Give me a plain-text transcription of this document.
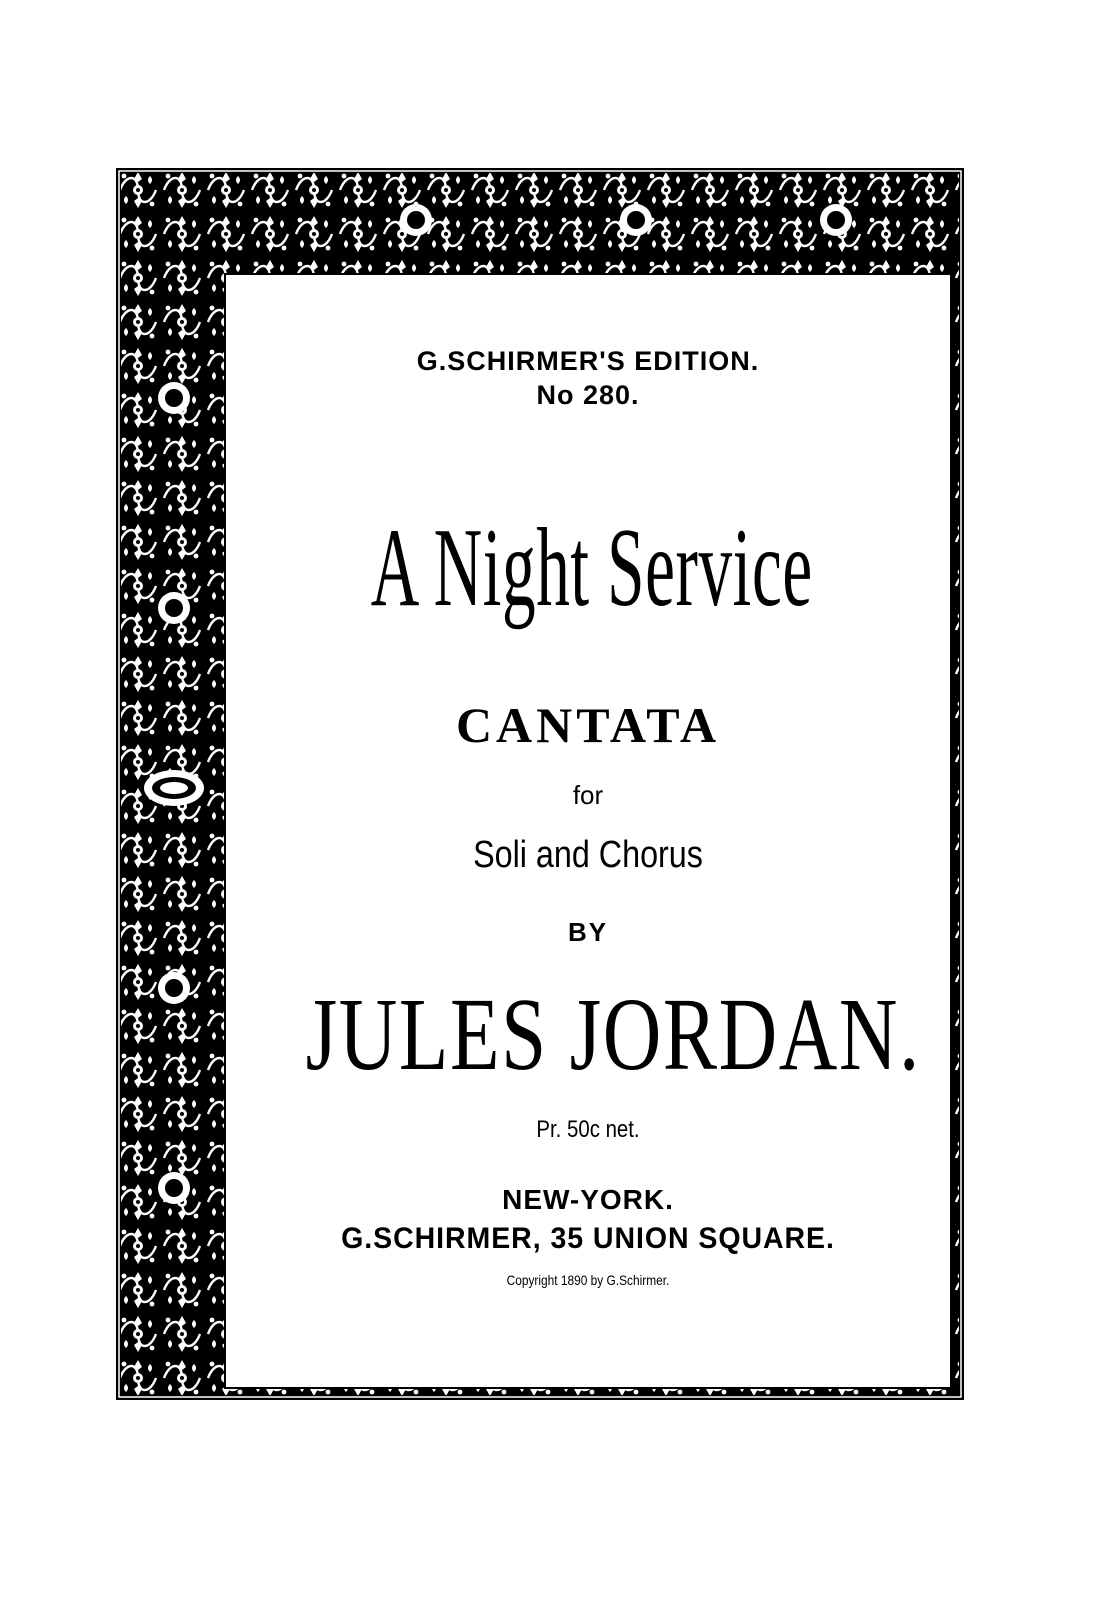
G.SCHIRMER'S EDITION.
No 280.
A Night Service
CANTATA
for
Soli and Chorus
BY
JULES JORDAN.
Pr. 50c net.
NEW-YORK.
G.SCHIRMER, 35 UNION SQUARE.
Copyright 1890 by G.Schirmer.
